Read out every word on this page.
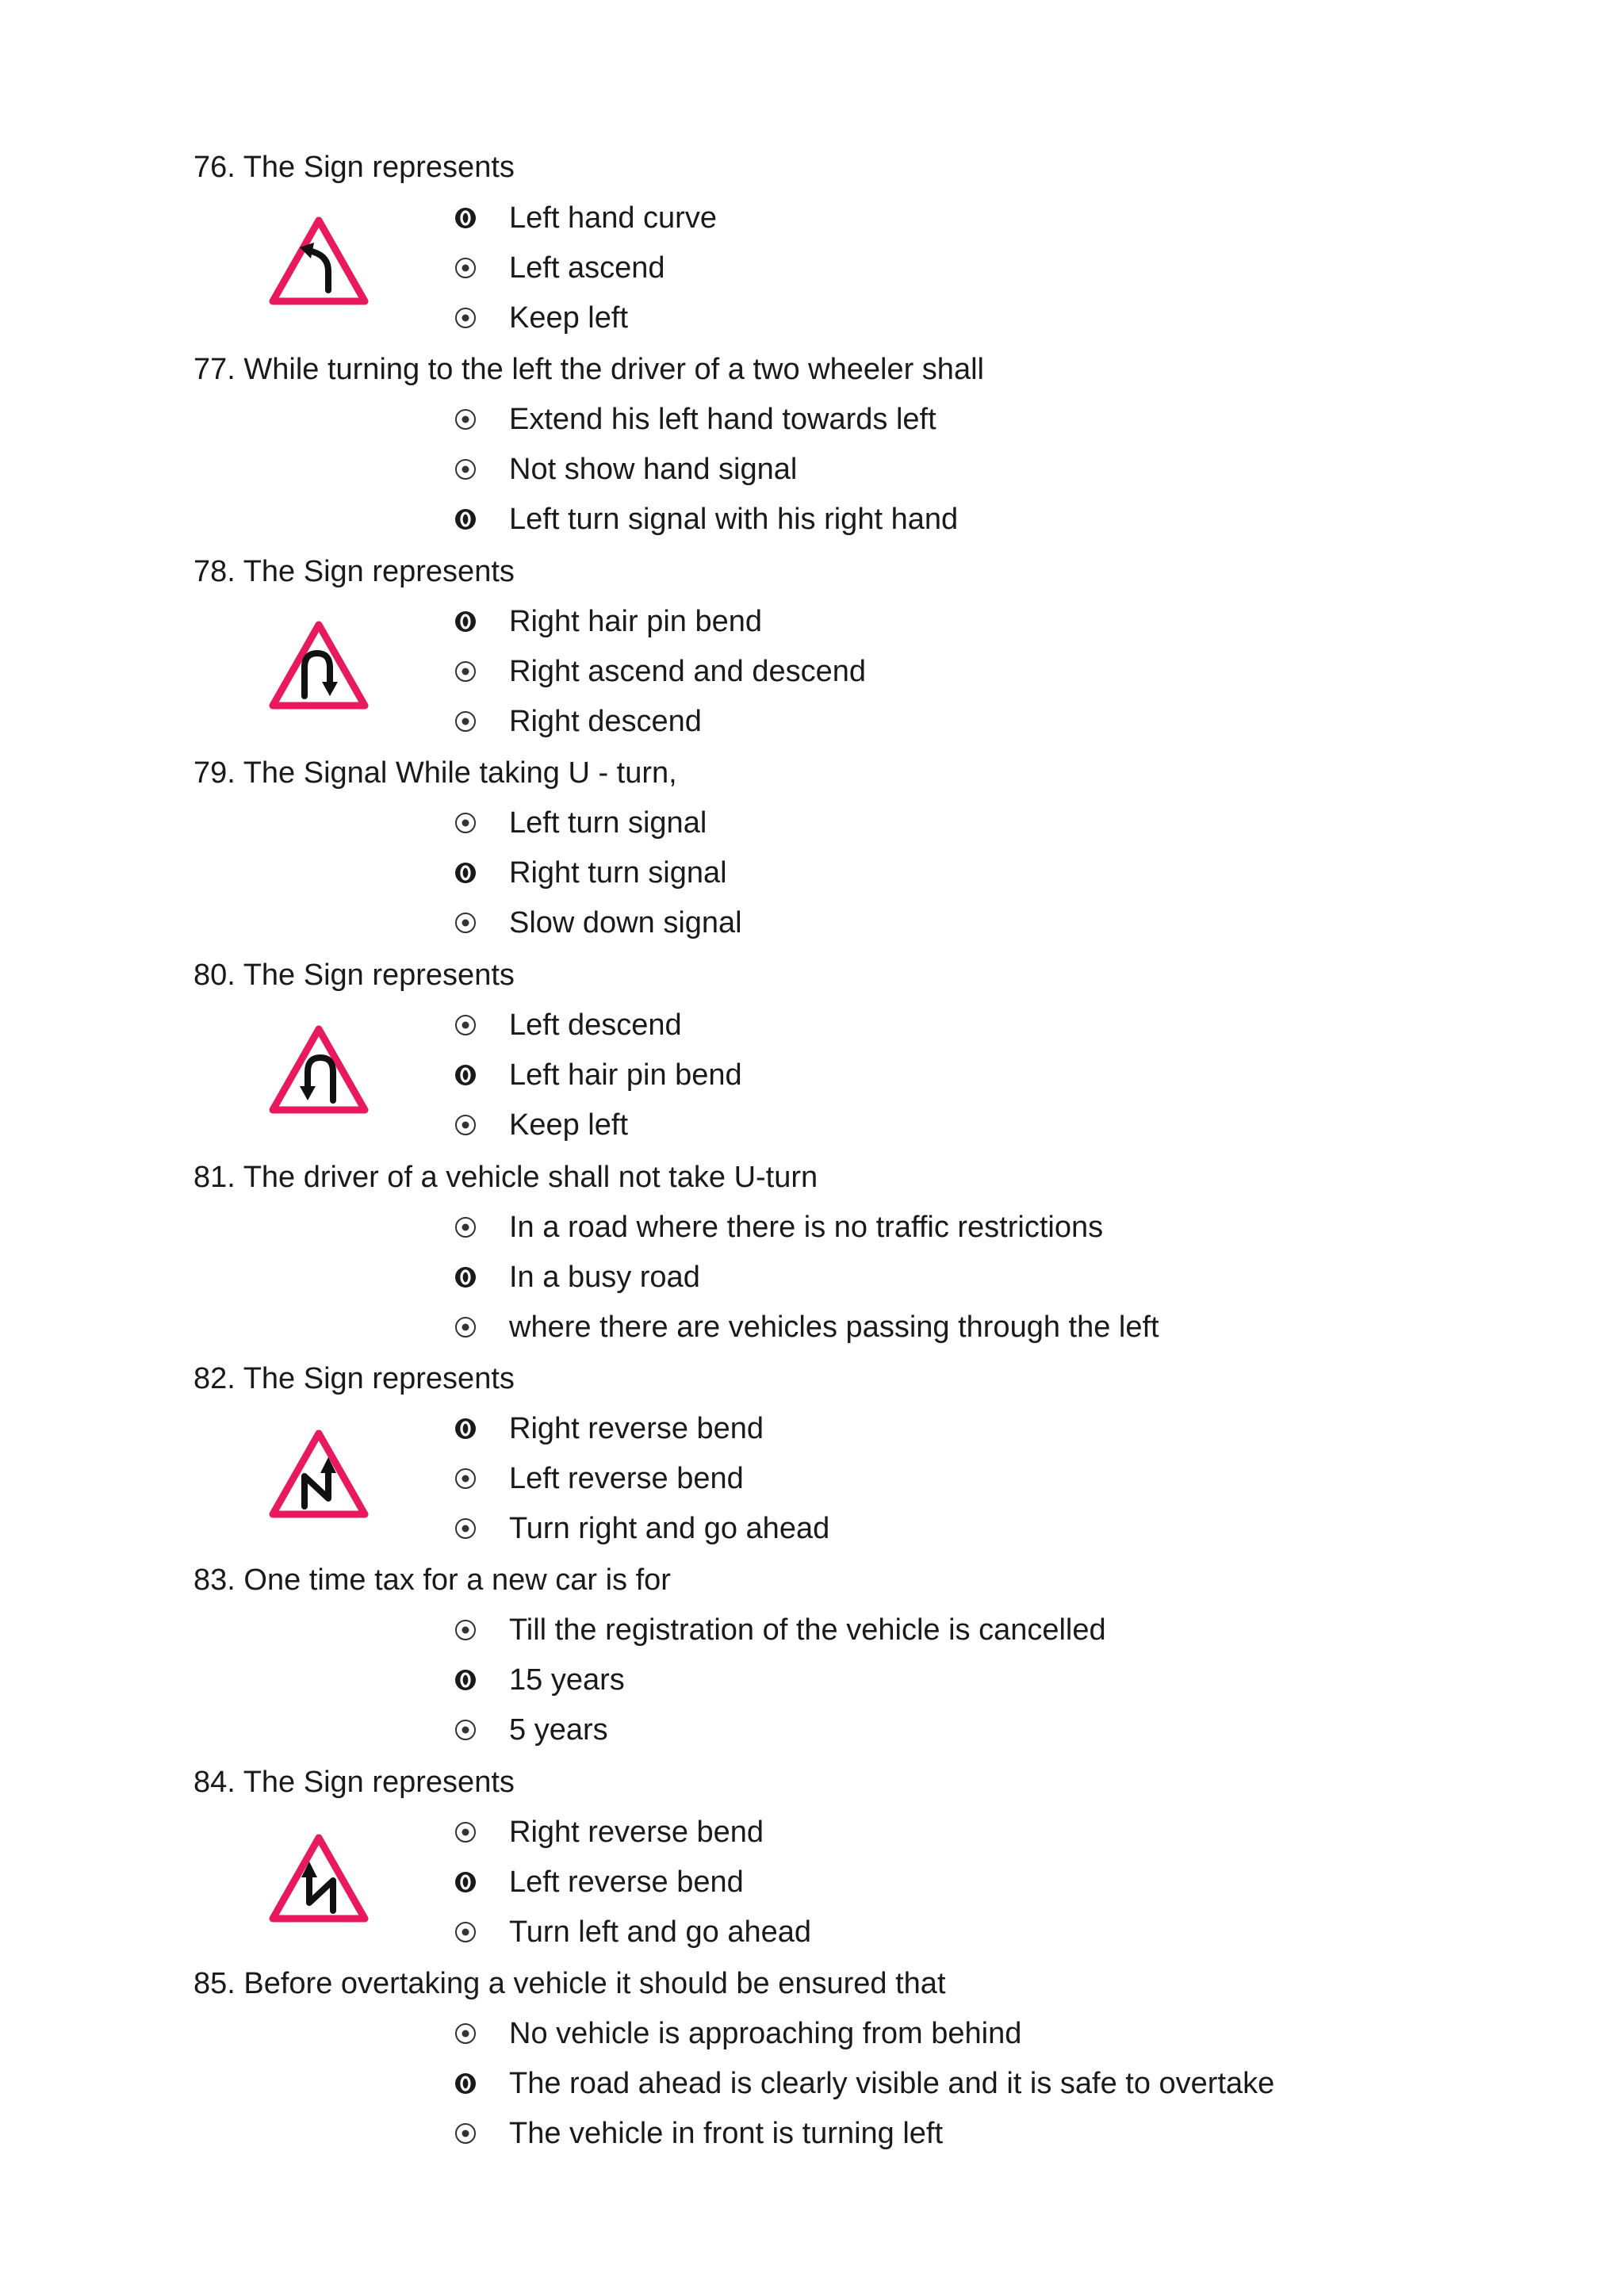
76. The Sign represents
Left hand curve
Left ascend
Keep left
77. While turning to the left the driver of a two wheeler shall
Extend his left hand towards left
Not show hand signal
Left turn signal with his right hand
78. The Sign represents
Right hair pin bend
Right ascend and descend
Right descend
79. The Signal While taking U - turn,
Left turn signal
Right turn signal
Slow down signal
80. The Sign represents
Left descend
Left hair pin bend
Keep left
81. The driver of a vehicle shall not take U-turn
In a road where there is no traffic restrictions
In a busy road
where there are vehicles passing through the left
82. The Sign represents
Right reverse bend
Left reverse bend
Turn right and go ahead
83. One time tax for a new car is for
Till the registration of the vehicle is cancelled
15 years
5 years
84. The Sign represents
Right reverse bend
Left reverse bend
Turn left and go ahead
85. Before overtaking a vehicle it should be ensured that
No vehicle is approaching from behind
The road ahead is clearly visible and it is safe to overtake
The vehicle in front is turning left
